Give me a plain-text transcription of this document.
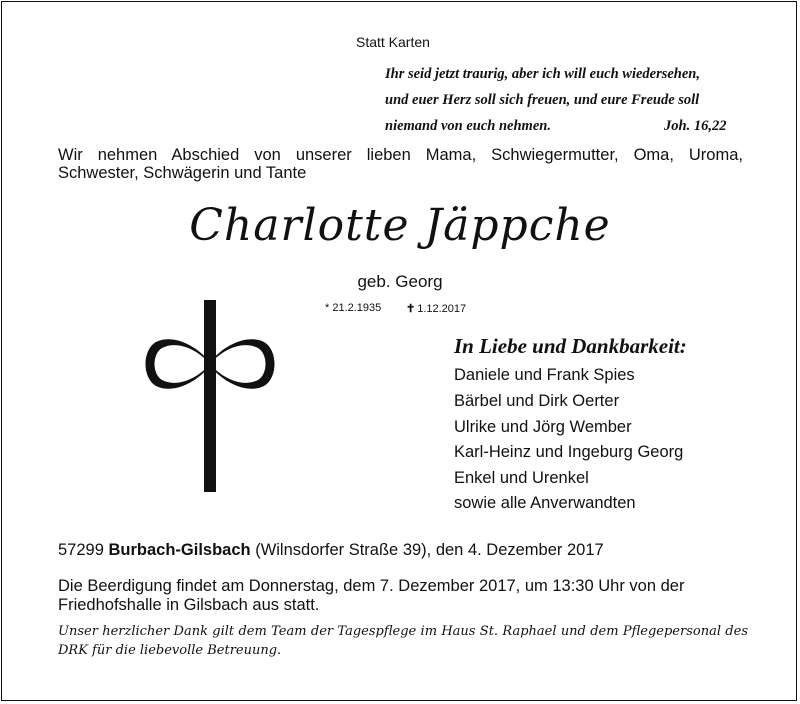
Statt Karten

Ihr seid jetzt traurig, aber ich will euch wiedersehen,

und euer Herz soll sich freuen, und eure Freude soll

niemand von euch nehmen.	Joh. 16,22

Wir nehmen Abschied von unserer lieben Mama, Schwiegermutter, Oma, Uroma,

Schwester, Schwägerin und Tante

Charlotte Jäppche

geb. Georg

* 21.2.1935 ✝ 1.12.2017

In Liebe und Dankbarkeit:

Daniele und Frank Spies

Bärbel und Dirk Oerter

Ulrike und Jörg Wember

Karl-Heinz und Ingeburg Georg

Enkel und Urenkel

sowie alle Anverwandten

57299 Burbach-Gilsbach (Wilnsdorfer Straße 39), den 4. Dezember 2017

Die Beerdigung findet am Donnerstag, dem 7. Dezember 2017, um 13:30 Uhr von der

Friedhofshalle in Gilsbach aus statt.

Unser herzlicher Dank gilt dem Team der Tagespflege im Haus St. Raphael und dem Pflegepersonal des

DRK für die liebevolle Betreuung.
